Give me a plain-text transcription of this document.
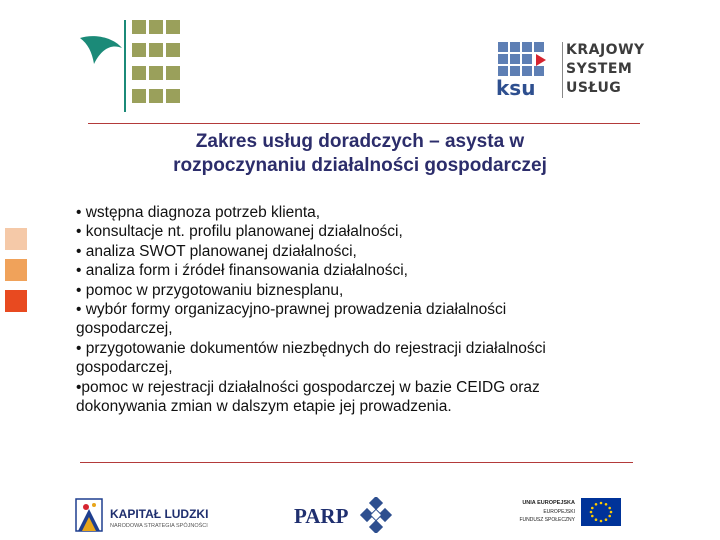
ksu
KRAJOWY
SYSTEM
USŁUG
Zakres usług doradczych – asysta w
rozpoczynaniu działalności gospodarczej
• wstępna diagnoza potrzeb klienta,
• konsultacje nt. profilu planowanej działalności,
• analiza SWOT planowanej działalności,
• analiza form i źródeł finansowania działalności,
• pomoc w przygotowaniu biznesplanu,
• wybór formy organizacyjno-prawnej prowadzenia działalności
gospodarczej,
• przygotowanie dokumentów niezbędnych do rejestracji działalności
gospodarczej,
•pomoc w rejestracji działalności gospodarczej w bazie CEIDG oraz
dokonywania zmian w dalszym etapie jej prowadzenia.
KAPITAŁ LUDZKI
NARODOWA STRATEGIA SPÓJNOŚCI	PARP
UNIA EUROPEJSKA
EUROPEJSKI
FUNDUSZ SPOŁECZNY
